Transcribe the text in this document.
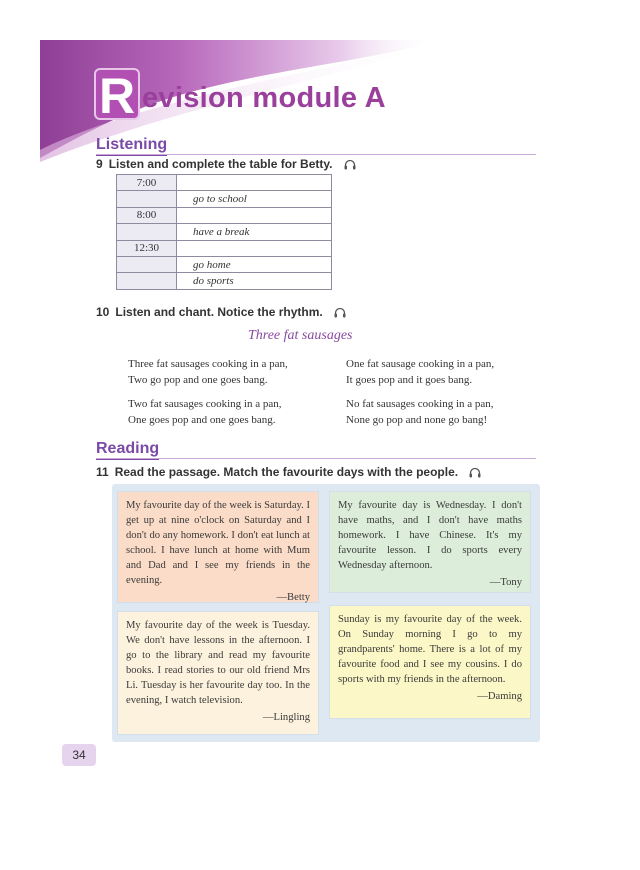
R evision module A
Listening
9 Listen and complete the table for Betty.
7:00	
	go to school
8:00	
	have a break
12:30	
	go home
	do sports
10 Listen and chant. Notice the rhythm.
Three fat sausages
Three fat sausages cooking in a pan,
Two go pop and one goes bang.
One fat sausage cooking in a pan,
It goes pop and it goes bang.
Two fat sausages cooking in a pan,
One goes pop and one goes bang.
No fat sausages cooking in a pan,
None go pop and none go bang!
Reading
11 Read the passage. Match the favourite days with the people.

My favourite day of the week is Saturday. I get up at nine o'clock on Saturday and I don't do any homework. I don't eat lunch at school. I have lunch at home with Mum and Dad and I see my friends in the evening.

—Betty

My favourite day is Wednesday. I don't have maths, and I don't have maths homework. I have Chinese. It's my favourite lesson. I do sports every Wednesday afternoon.

—Tony

My favourite day of the week is Tuesday. We don't have lessons in the afternoon. I go to the library and read my favourite books. I read stories to our old friend Mrs Li. Tuesday is her favourite day too. In the evening, I watch television.

—Lingling

Sunday is my favourite day of the week. On Sunday morning I go to my grandparents' home. There is a lot of my favourite food and I see my cousins. I do sports with my friends in the afternoon.

—Daming
34
